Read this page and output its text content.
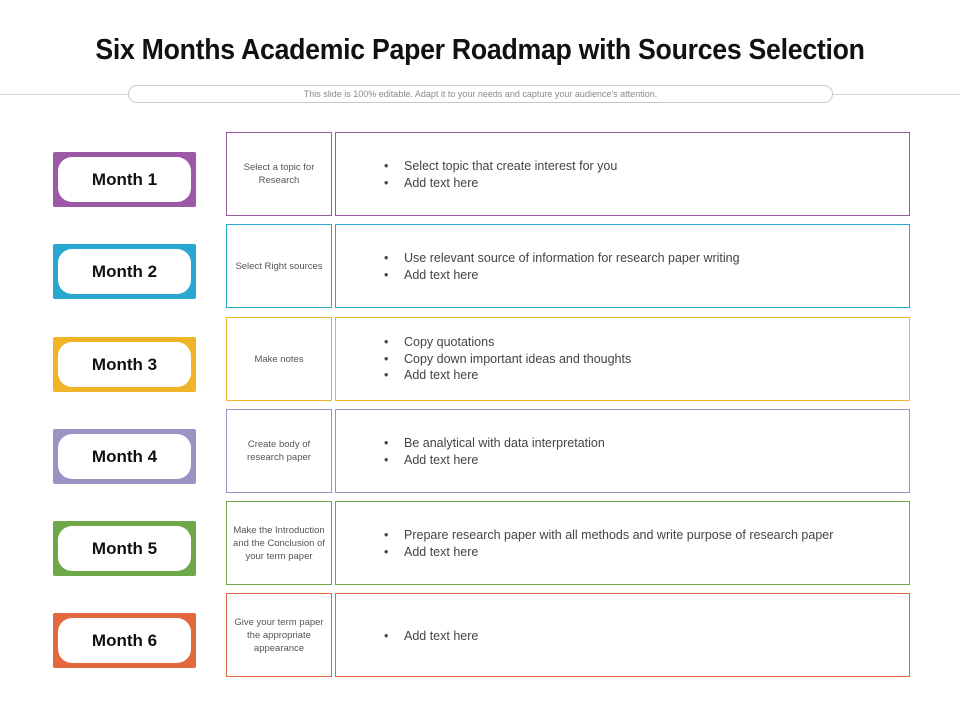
Six Months Academic Paper Roadmap with Sources Selection
This slide is 100% editable. Adapt it to your needs and capture your audience's attention.
Month 1
Select a topic for Research
• Select topic that create interest for you
• Add text here
Month 2	Select Right sources
• Use relevant source of information for research paper writing
• Add text here
Month 3	Make notes
• Copy quotations
• Copy down important ideas and thoughts
• Add text here
Month 4
Create body of research paper
• Be analytical with data interpretation
• Add text here
Month 5
Make the Introduction and the Conclusion of your term paper
• Prepare research paper with all methods and write purpose of research paper
• Add text here
Month 6
Give your term paper the appropriate appearance
• Add text here
